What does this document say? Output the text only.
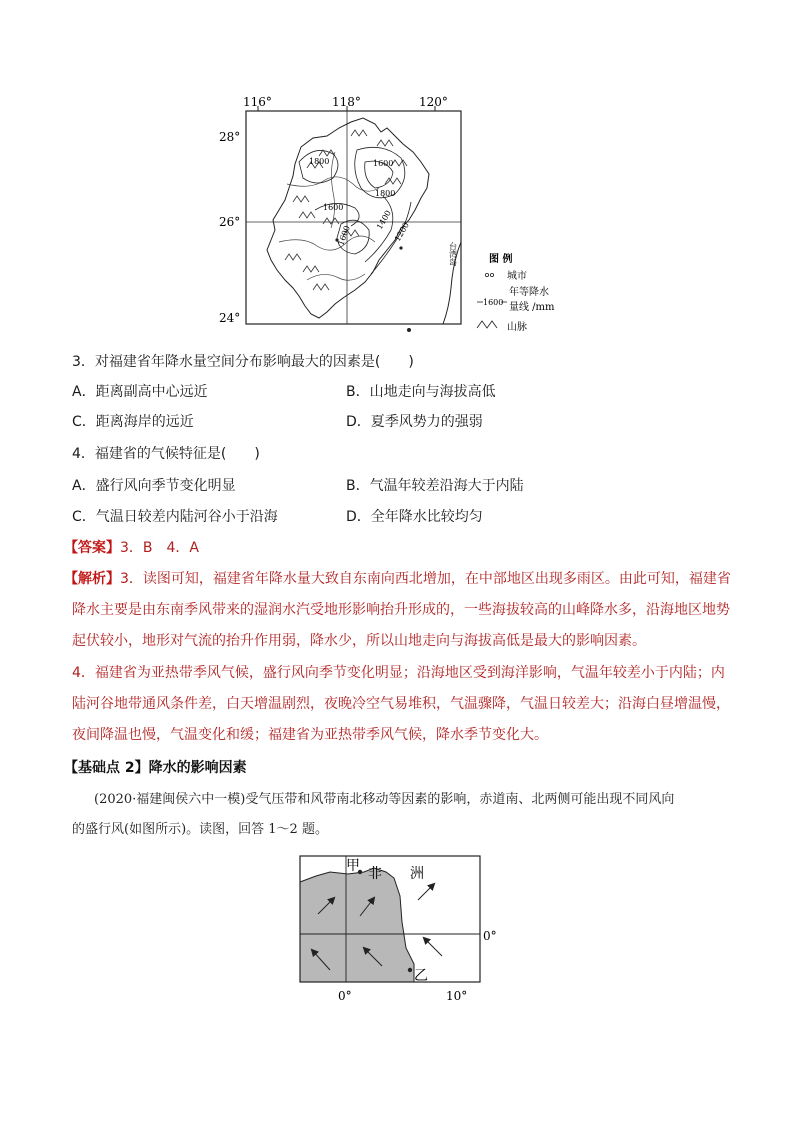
1800	1600
1800
1600
1600
1400
1200
台湾岛
116°	118°	120°
28°
26°
24°
图 例
城市
1600
年等降水
量线 /mm
山脉
3．对福建省年降水量空间分布影响最大的因素是(　　)
A．距离副高中心远近	B．山地走向与海拔高低
C．距离海岸的远近	D．夏季风势力的强弱
4．福建省的气候特征是(　　)
A．盛行风向季节变化明显	B．气温年较差沿海大于内陆
C．气温日较差内陆河谷小于沿海	D．全年降水比较均匀
【答案】3．B　4．A
【解析】3．读图可知，福建省年降水量大致自东南向西北增加，在中部地区出现多雨区。由此可知，福建省降水主要是由东南季风带来的湿润水汽受地形影响抬升形成的，一些海拔较高的山峰降水多，沿海地区地势起伏较小，地形对气流的抬升作用弱，降水少，所以山地走向与海拔高低是最大的影响因素。
4．福建省为亚热带季风气候，盛行风向季节变化明显；沿海地区受到海洋影响，气温年较差小于内陆；内陆河谷地带通风条件差，白天增温剧烈，夜晚冷空气易堆积，气温骤降，气温日较差大；沿海白昼增温慢，夜间降温也慢，气温变化和缓；福建省为亚热带季风气候，降水季节变化大。
【基础点 2】降水的影响因素
(2020·福建闽侯六中一模)受气压带和风带南北移动等因素的影响，赤道南、北两侧可能出现不同风向
的盛行风(如图所示)。读图，回答 1～2 题。
甲
乙
非　　洲
0°
0°	10°
